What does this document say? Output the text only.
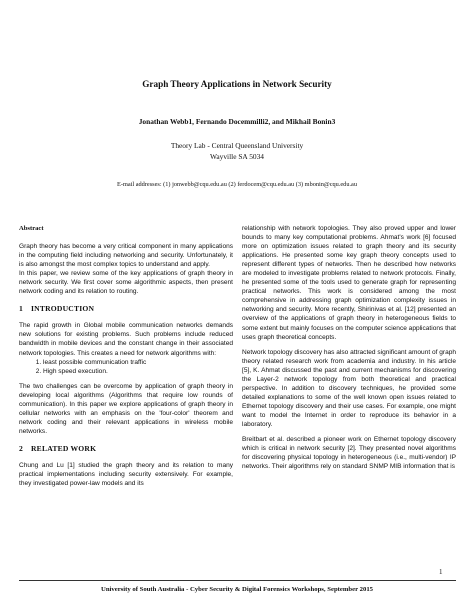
Graph Theory Applications in Network Security
Jonathan Webb1, Fernando Docemmilli2, and Mikhail Bonin3
Theory Lab - Central Queensland University
Wayville SA 5034
E-mail addresses: (1) jonwebb@cqu.edu.au (2) ferdocem@cqu.edu.au (3) mbonin@cqu.edu.au
Abstract

Graph theory has become a very critical component in many applications in the computing field including networking and security. Unfortunately, it is also amongst the most complex topics to understand and apply.

In this paper, we review some of the key applications of graph theory in network security. We first cover some algorithmic aspects, then present network coding and its relation to routing.

1 INTRODUCTION

The rapid growth in Global mobile communication networks demands new solutions for existing problems. Such problems include reduced bandwidth in mobile devices and the constant change in their associated network topologies. This creates a need for network algorithms with:

1. least possible communication traffic
2. High speed execution.

The two challenges can be overcome by application of graph theory in developing local algorithms (Algorithms that require low rounds of communication). In this paper we explore applications of graph theory in cellular networks with an emphasis on the 'four-color' theorem and network coding and their relevant applications in wireless mobile networks.

2 RELATED WORK

Chung and Lu [1] studied the graph theory and its relation to many practical implementations including security extensively. For example, they investigated power-law models and its

relationship with network topologies. They also proved upper and lower bounds to many key computational problems. Ahmat's work [6] focused more on optimization issues related to graph theory and its security applications. He presented some key graph theory concepts used to represent different types of networks. Then he described how networks are modeled to investigate problems related to network protocols. Finally, he presented some of the tools used to generate graph for representing practical networks. This work is considered among the most comprehensive in addressing graph optimization complexity issues in networking and security. More recently, Shirinivas et al. [12] presented an overview of the applications of graph theory in heterogeneous fields to some extent but mainly focuses on the computer science applications that uses graph theoretical concepts.

Network topology discovery has also attracted significant amount of graph theory related research work from academia and industry. In his article [5], K. Ahmat discussed the past and current mechanisms for discovering the Layer-2 network topology from both theoretical and practical perspective. In addition to discovery techniques, he provided some detailed explanations to some of the well known open issues related to Ethernet topology discovery and their use cases. For example, one might want to model the Internet in order to reproduce its behavior in a laboratory.

Breitbart et al. described a pioneer work on Ethernet topology discovery which is critical in network security [2]. They presented novel algorithms for discovering physical topology in heterogeneous (i.e., multi-vendor) IP networks. Their algorithms rely on standard SNMP MIB information that is

1
University of South Australia - Cyber Security & Digital Forensics Workshops, September 2015
